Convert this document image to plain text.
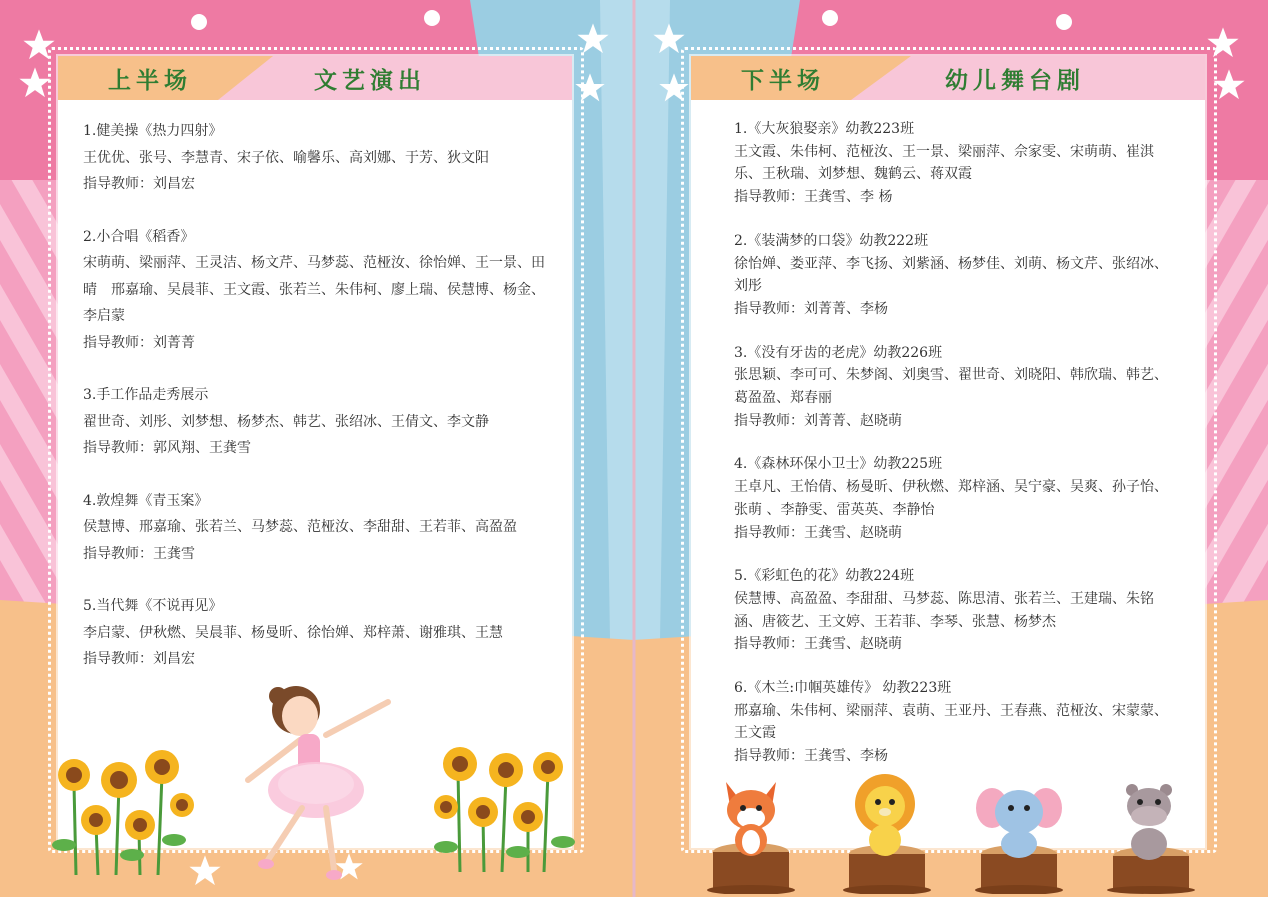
上半场	文艺演出
1.健美操《热力四射》
王优优、张号、李慧青、宋子依、喻馨乐、高刘娜、于芳、狄文阳
指导教师：刘昌宏
2.小合唱《稻香》
宋萌萌、梁丽萍、王灵洁、杨文芹、马梦蕊、范桠汝、徐怡婵、王一景、田 晴　邢嘉瑜、吴晨菲、王文霞、张若兰、朱伟柯、廖上瑞、侯慧博、杨金、李启蒙
指导教师：刘菁菁
3.手工作品走秀展示
翟世奇、刘彤、刘梦想、杨梦杰、韩艺、张绍冰、王倩文、李文静
指导教师：郭风翔、王龚雪
4.敦煌舞《青玉案》
侯慧博、邢嘉瑜、张若兰、马梦蕊、范桠汝、李甜甜、王若菲、高盈盈
指导教师：王龚雪
5.当代舞《不说再见》
李启蒙、伊秋燃、吴晨菲、杨曼昕、徐怡婵、郑梓萧、谢雅琪、王慧
指导教师：刘昌宏
下半场	幼儿舞台剧
1.《大灰狼娶亲》幼教223班
王文霞、朱伟柯、范桠汝、王一景、梁丽萍、佘家雯、宋萌萌、崔淇乐、王秋瑞、刘梦想、魏鹤云、蒋双霞
指导教师：王龚雪、李 杨
2.《装满梦的口袋》幼教222班
徐怡婵、娄亚萍、李飞扬、刘紫涵、杨梦佳、刘萌、杨文芹、张绍冰、刘彤
指导教师：刘菁菁、李杨
3.《没有牙齿的老虎》幼教226班
张思颖、李可可、朱梦阁、刘奥雪、翟世奇、刘晓阳、韩欣瑞、韩艺、葛盈盈、郑春丽
指导教师：刘菁菁、赵晓萌
4.《森林环保小卫士》幼教225班
王卓凡、王怡倩、杨曼昕、伊秋燃、郑梓涵、吴宁豪、吴爽、孙子怡、张萌 、李静雯、雷英英、李静怡
指导教师：王龚雪、赵晓萌
5.《彩虹色的花》幼教224班
侯慧博、高盈盈、李甜甜、马梦蕊、陈思清、张若兰、王建瑞、朱铭涵、唐筱艺、王文婷、王若菲、李琴、张慧、杨梦杰
指导教师：王龚雪、赵晓萌
6.《木兰:巾帼英雄传》 幼教223班
邢嘉瑜、朱伟柯、梁丽萍、袁萌、王亚丹、王春燕、范桠汝、宋蒙蒙、王文霞
指导教师：王龚雪、李杨
